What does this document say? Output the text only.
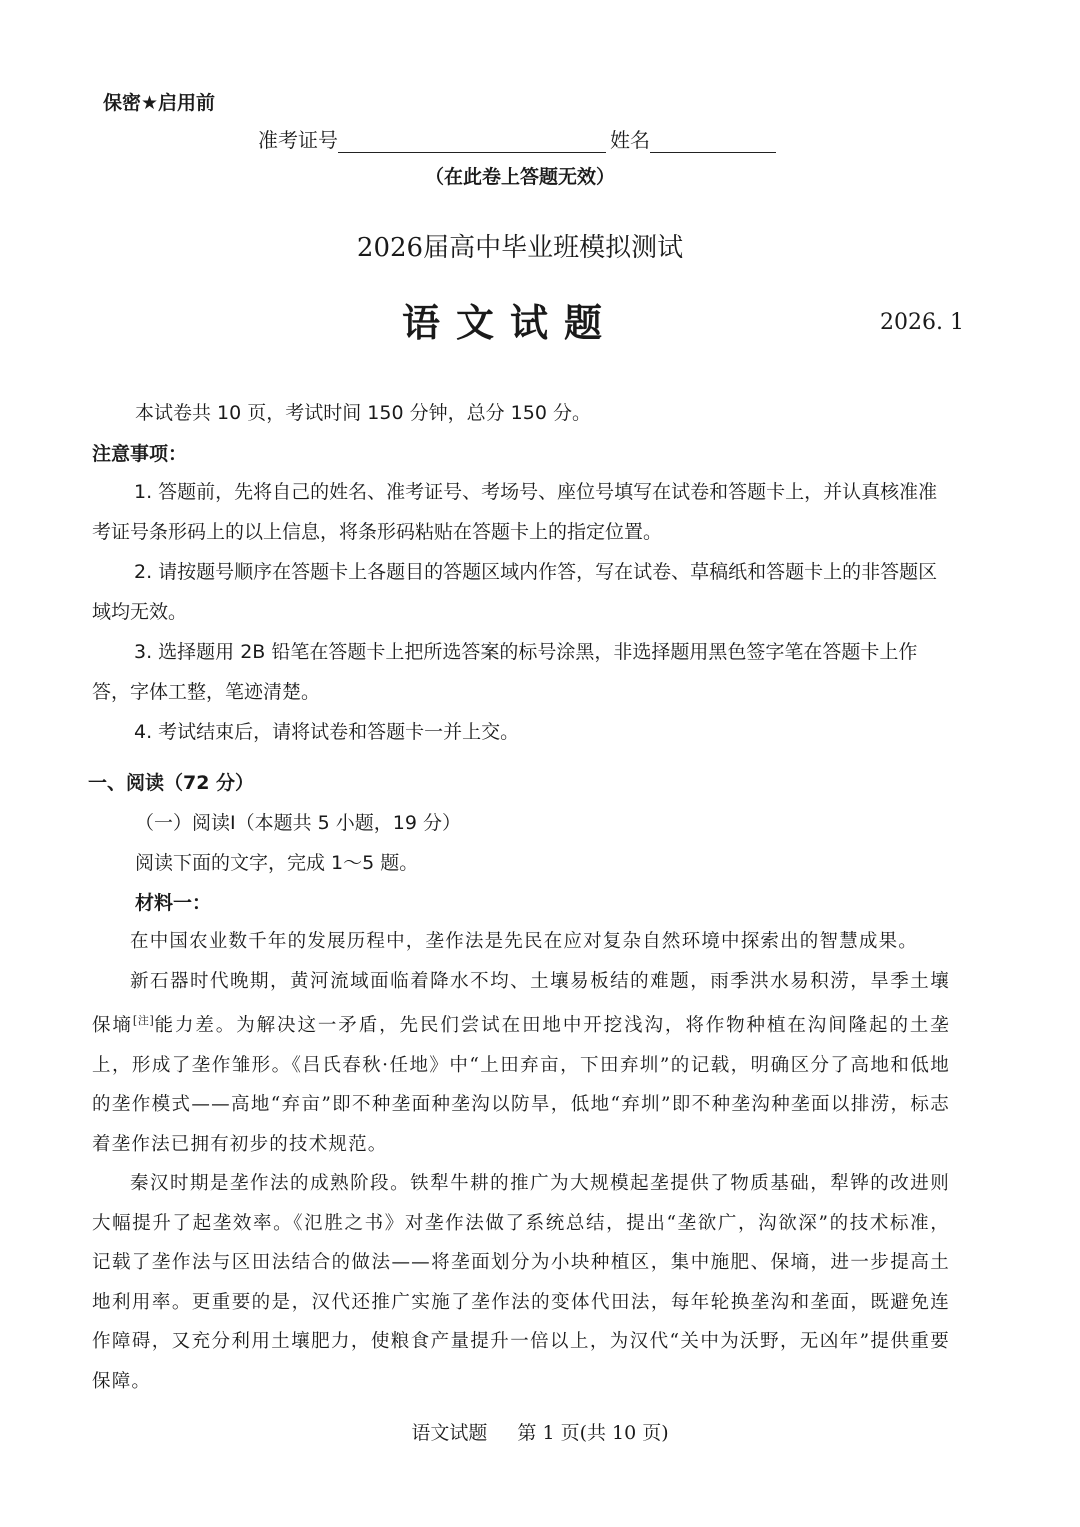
保密★启用前
准考证号	姓名
（在此卷上答题无效）
2026届高中毕业班模拟测试
语文试题	2026. 1
本试卷共 10 页，考试时间 150 分钟，总分 150 分。
注意事项：

1. 答题前，先将自己的姓名、准考证号、考场号、座位号填写在试卷和答题卡上，并认真核准准考证号条形码上的以上信息，将条形码粘贴在答题卡上的指定位置。

2. 请按题号顺序在答题卡上各题目的答题区域内作答，写在试卷、草稿纸和答题卡上的非答题区域均无效。

3. 选择题用 2B 铅笔在答题卡上把所选答案的标号涂黑，非选择题用黑色签字笔在答题卡上作答，字体工整，笔迹清楚。

4. 考试结束后，请将试卷和答题卡一并上交。

一、阅读（72 分）
（一）阅读Ⅰ（本题共 5 小题，19 分）
阅读下面的文字，完成 1～5 题。
材料一：

在中国农业数千年的发展历程中，垄作法是先民在应对复杂自然环境中探索出的智慧成果。

新石器时代晚期，黄河流域面临着降水不均、土壤易板结的难题，雨季洪水易积涝，旱季土壤保墒[注]能力差。为解决这一矛盾，先民们尝试在田地中开挖浅沟，将作物种植在沟间隆起的土垄上，形成了垄作雏形。《吕氏春秋·任地》中“上田弃亩，下田弃圳”的记载，明确区分了高地和低地的垄作模式——高地“弃亩”即不种垄面种垄沟以防旱，低地“弃圳”即不种垄沟种垄面以排涝，标志着垄作法已拥有初步的技术规范。

秦汉时期是垄作法的成熟阶段。铁犁牛耕的推广为大规模起垄提供了物质基础，犁铧的改进则大幅提升了起垄效率。《氾胜之书》对垄作法做了系统总结，提出“垄欲广，沟欲深”的技术标准，记载了垄作法与区田法结合的做法——将垄面划分为小块种植区，集中施肥、保墒，进一步提高土地利用率。更重要的是，汉代还推广实施了垄作法的变体代田法，每年轮换垄沟和垄面，既避免连作障碍，又充分利用土壤肥力，使粮食产量提升一倍以上，为汉代“关中为沃野，无凶年”提供重要保障。

语文试题 第 1 页(共 10 页)
